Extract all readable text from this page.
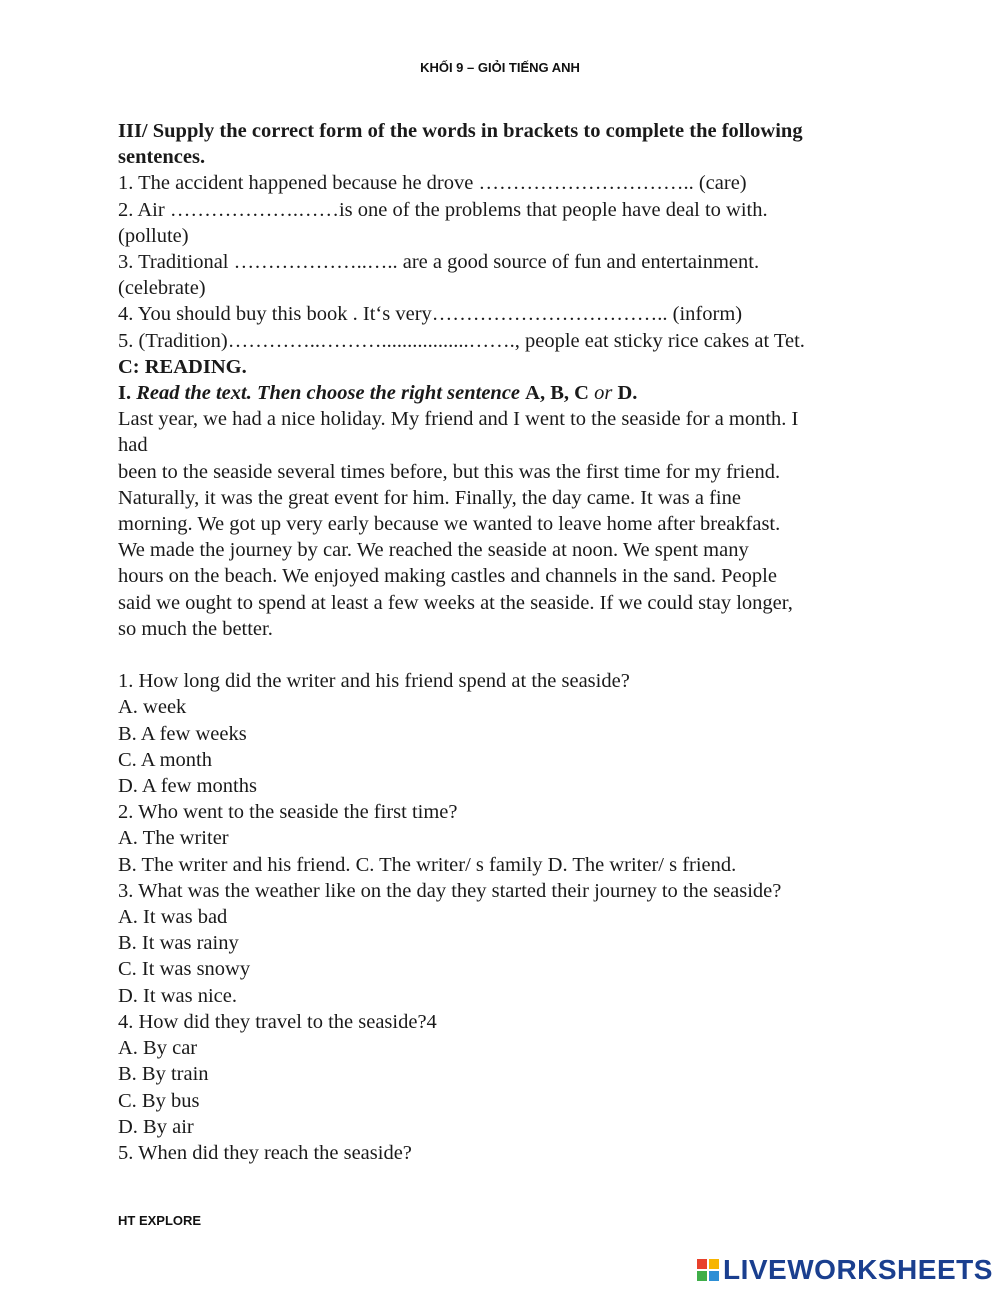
KHỐI 9 – GIỎI TIẾNG ANH
III/ Supply the correct form of the words in brackets to complete the following
sentences.
1. The accident happened because he drove ………………………….. (care)
2. Air ……………….……is one of the problems that people have deal to with.
(pollute)
3. Traditional ………………..….. are a good source of fun and entertainment.
(celebrate)
4. You should buy this book . It‘s very…………………………….. (inform)
5. (Tradition)…………..……….................……., people eat sticky rice cakes at Tet.
C: READING.
I. Read the text. Then choose the right sentence A, B, C or D.
Last year, we had a nice holiday. My friend and I went to the seaside for a month. I
had
been to the seaside several times before, but this was the first time for my friend.
Naturally, it was the great event for him. Finally, the day came. It was a fine
morning. We got up very early because we wanted to leave home after breakfast.
We made the journey by car. We reached the seaside at noon. We spent many
hours on the beach. We enjoyed making castles and channels in the sand. People
said we ought to spend at least a few weeks at the seaside. If we could stay longer,
so much the better.
1. How long did the writer and his friend spend at the seaside?
A. week
B. A few weeks
C. A month
D. A few months
2. Who went to the seaside the first time?
A. The writer
B. The writer and his friend. C. The writer/ s family D. The writer/ s friend.
3. What was the weather like on the day they started their journey to the seaside?
A. It was bad
B. It was rainy
C. It was snowy
D. It was nice.
4. How did they travel to the seaside?4
A. By car
B. By train
C. By bus
D. By air
5. When did they reach the seaside?
HT EXPLORE
LIVEWORKSHEETS
